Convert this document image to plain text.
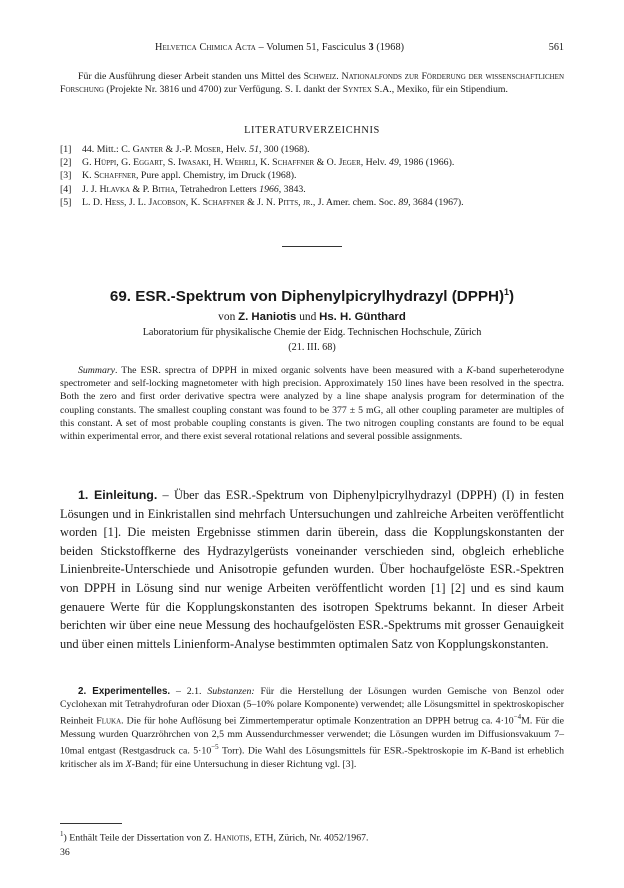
Helvetica Chimica Acta – Volumen 51, Fasciculus 3 (1968)	561

Für die Ausführung dieser Arbeit standen uns Mittel des Schweiz. Nationalfonds zur Förderung der wissenschaftlichen Forschung (Projekte Nr. 3816 und 4700) zur Verfügung. S. I. dankt der Syntex S.A., Mexiko, für ein Stipendium.

LITERATURVERZEICHNIS
[1] 44. Mitt.: C. Ganter & J.-P. Moser, Helv. 51, 300 (1968).
[2] G. Hüppi, G. Eggart, S. Iwasaki, H. Wehrli, K. Schaffner & O. Jeger, Helv. 49, 1986 (1966).
[3] K. Schaffner, Pure appl. Chemistry, im Druck (1968).
[4] J. J. Hlavka & P. Bitha, Tetrahedron Letters 1966, 3843.
[5] L. D. Hess, J. L. Jacobson, K. Schaffner & J. N. Pitts, jr., J. Amer. chem. Soc. 89, 3684 (1967).
69. ESR.-Spektrum von Diphenylpicrylhydrazyl (DPPH)$^1$)
von Z. Haniotis und Hs. H. Günthard
Laboratorium für physikalische Chemie der Eidg. Technischen Hochschule, Zürich
(21. III. 68)

Summary. The ESR. sprectra of DPPH in mixed organic solvents have been measured with a K-band superheterodyne spectrometer and self-locking magnetometer with high precision. Approximately 150 lines have been resolved in the spectra. Both the zero and first order derivative spectra were analyzed by a line shape analysis program for determination of the coupling constants. The smallest coupling constant was found to be 377 ± 5 mG, all other coupling parameter are multiples of this constant. A set of most probable coupling constants is given. The two nitrogen coupling constants are found to be equal within experimental error, and there exist several rotational relations and several possible assignments.

1. Einleitung. – Über das ESR.-Spektrum von Diphenylpicrylhydrazyl (DPPH) (I) in festen Lösungen und in Einkristallen sind mehrfach Untersuchungen und zahlreiche Arbeiten veröffentlicht worden [1]. Die meisten Ergebnisse stimmen darin überein, dass die Kopplungskonstanten der beiden Stickstoffkerne des Hydrazylgerüsts voneinander verschieden sind, obgleich erhebliche Linienbreite-Unterschiede und Anisotropie gefunden wurden. Über hochaufgelöste ESR.-Spektren von DPPH in Lösung sind nur wenige Arbeiten veröffentlicht worden [1] [2] und es sind kaum genauere Werte für die Kopplungskonstanten des isotropen Spektrums bekannt. In dieser Arbeit berichten wir über eine neue Messung des hochaufgelösten ESR.-Spektrums mit grosser Genauigkeit und über einen mittels Linienform-Analyse bestimmten optimalen Satz von Kopplungskonstanten.

2. Experimentelles. – 2.1. Substanzen: Für die Herstellung der Lösungen wurden Gemische von Benzol oder Cyclohexan mit Tetrahydrofuran oder Dioxan (5–10% polare Komponente) verwendet; alle Lösungsmittel in spektroskopischer Reinheit Fluka. Die für hohe Auflösung bei Zimmertemperatur optimale Konzentration an DPPH betrug ca. $4\cdot 10^{-4}M$. Für die Messung wurden Quarzröhrchen von 2,5 mm Aussendurchmesser verwendet; die Lösungen wurden im Diffusionsvakuum 7–10mal entgast (Restgasdruck ca. $5\cdot 10^{-5}$ Torr). Die Wahl des Lösungsmittels für ESR.-Spektroskopie im K-Band ist erheblich kritischer als im X-Band; für eine Untersuchung in dieser Richtung vgl. [3].

$^1$) Enthält Teile der Dissertation von Z. Haniotis, ETH, Zürich, Nr. 4052/1967.
36
